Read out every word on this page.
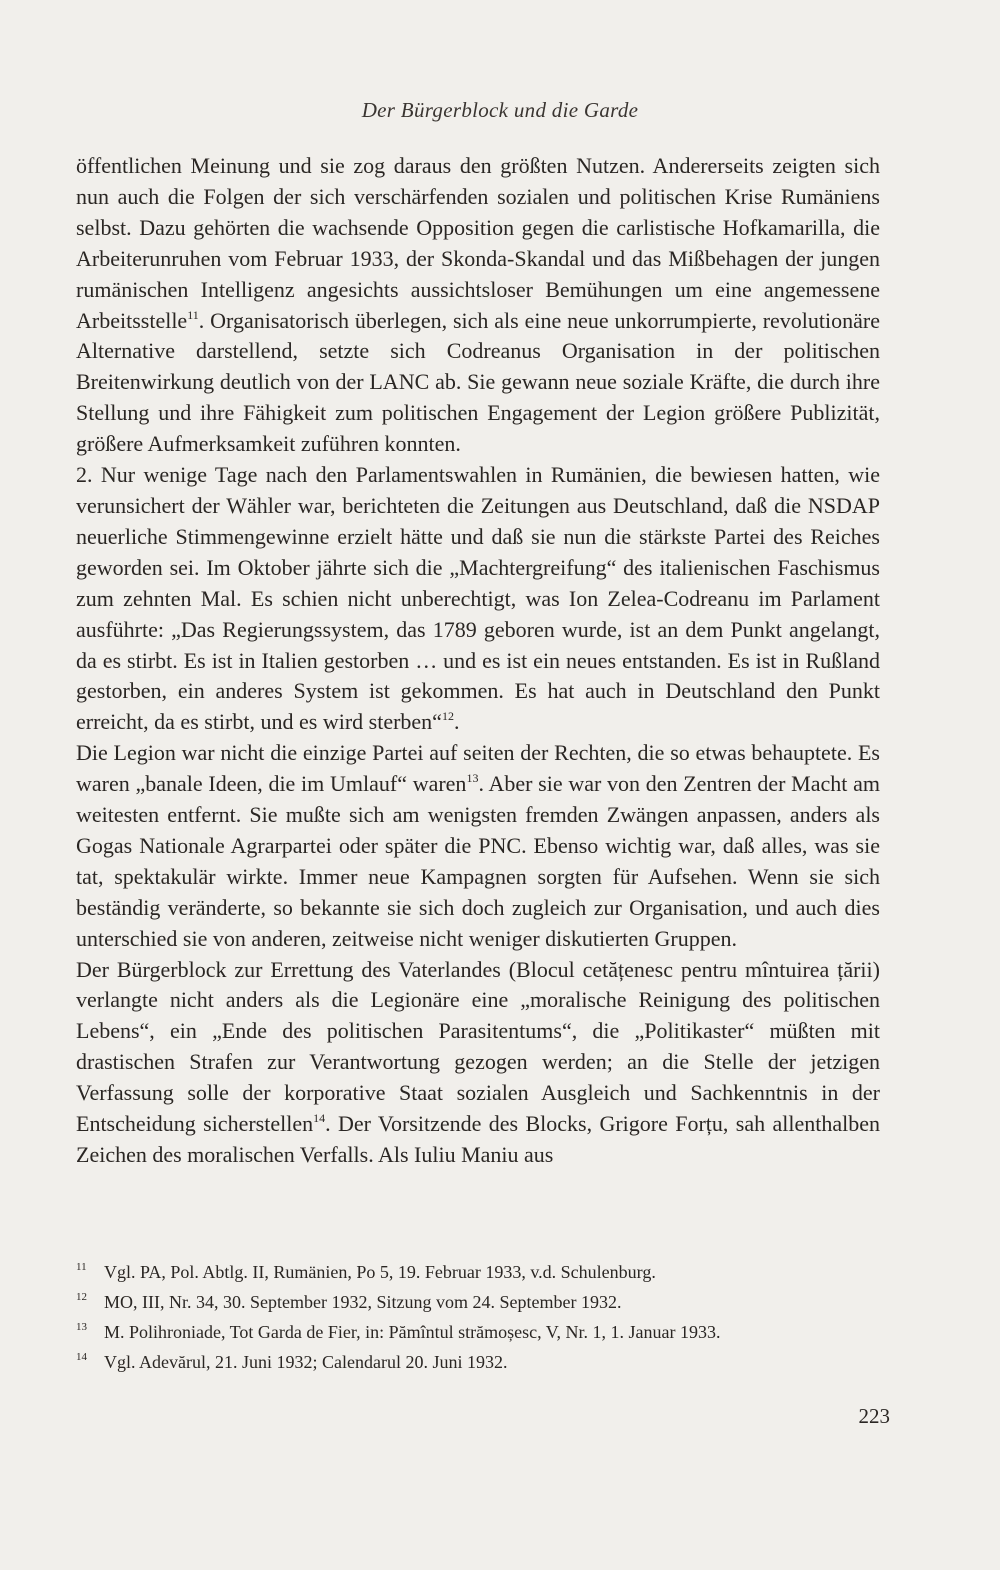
Der Bürgerblock und die Garde

öffentlichen Meinung und sie zog daraus den größten Nutzen. Andererseits zeigten sich nun auch die Folgen der sich verschärfenden sozialen und politischen Krise Rumäniens selbst. Dazu gehörten die wachsende Opposition gegen die carlistische Hofkamarilla, die Arbeiterunruhen vom Februar 1933, der Skonda-Skandal und das Mißbehagen der jungen rumänischen Intelligenz angesichts aussichtsloser Bemühungen um eine angemessene Arbeitsstelle$^{11}$. Organisatorisch überlegen, sich als eine neue unkorrumpierte, revolutionäre Alternative darstellend, setzte sich Codreanus Organisation in der politischen Breitenwirkung deutlich von der LANC ab. Sie gewann neue soziale Kräfte, die durch ihre Stellung und ihre Fähigkeit zum politischen Engagement der Legion größere Publizität, größere Aufmerksamkeit zuführen konnten.

2. Nur wenige Tage nach den Parlamentswahlen in Rumänien, die bewiesen hatten, wie verunsichert der Wähler war, berichteten die Zeitungen aus Deutschland, daß die NSDAP neuerliche Stimmengewinne erzielt hätte und daß sie nun die stärkste Partei des Reiches geworden sei. Im Oktober jährte sich die „Machtergreifung“ des italienischen Faschismus zum zehnten Mal. Es schien nicht unberechtigt, was Ion Zelea-Codreanu im Parlament ausführte: „Das Regierungssystem, das 1789 geboren wurde, ist an dem Punkt angelangt, da es stirbt. Es ist in Italien gestorben … und es ist ein neues entstanden. Es ist in Rußland gestorben, ein anderes System ist gekommen. Es hat auch in Deutschland den Punkt erreicht, da es stirbt, und es wird sterben“$^{12}$.

Die Legion war nicht die einzige Partei auf seiten der Rechten, die so etwas behauptete. Es waren „banale Ideen, die im Umlauf“ waren$^{13}$. Aber sie war von den Zentren der Macht am weitesten entfernt. Sie mußte sich am wenigsten fremden Zwängen anpassen, anders als Gogas Nationale Agrarpartei oder später die PNC. Ebenso wichtig war, daß alles, was sie tat, spektakulär wirkte. Immer neue Kampagnen sorgten für Aufsehen. Wenn sie sich beständig veränderte, so bekannte sie sich doch zugleich zur Organisation, und auch dies unterschied sie von anderen, zeitweise nicht weniger diskutierten Gruppen.

Der Bürgerblock zur Errettung des Vaterlandes (Blocul cetățenesc pentru mîntuirea țării) verlangte nicht anders als die Legionäre eine „moralische Reinigung des politischen Lebens“, ein „Ende des politischen Parasitentums“, die „Politikaster“ müßten mit drastischen Strafen zur Verantwortung gezogen werden; an die Stelle der jetzigen Verfassung solle der korporative Staat sozialen Ausgleich und Sachkenntnis in der Entscheidung sicherstellen$^{14}$. Der Vorsitzende des Blocks, Grigore Forțu, sah allenthalben Zeichen des moralischen Verfalls. Als Iuliu Maniu aus

11 Vgl. PA, Pol. Abtlg. II, Rumänien, Po 5, 19. Februar 1933, v.d. Schulenburg.
12 MO, III, Nr. 34, 30. September 1932, Sitzung vom 24. September 1932.
13 M. Polihroniade, Tot Garda de Fier, in: Pămîntul strămoșesc, V, Nr. 1, 1. Januar 1933.
14 Vgl. Adevărul, 21. Juni 1932; Calendarul 20. Juni 1932.
223
